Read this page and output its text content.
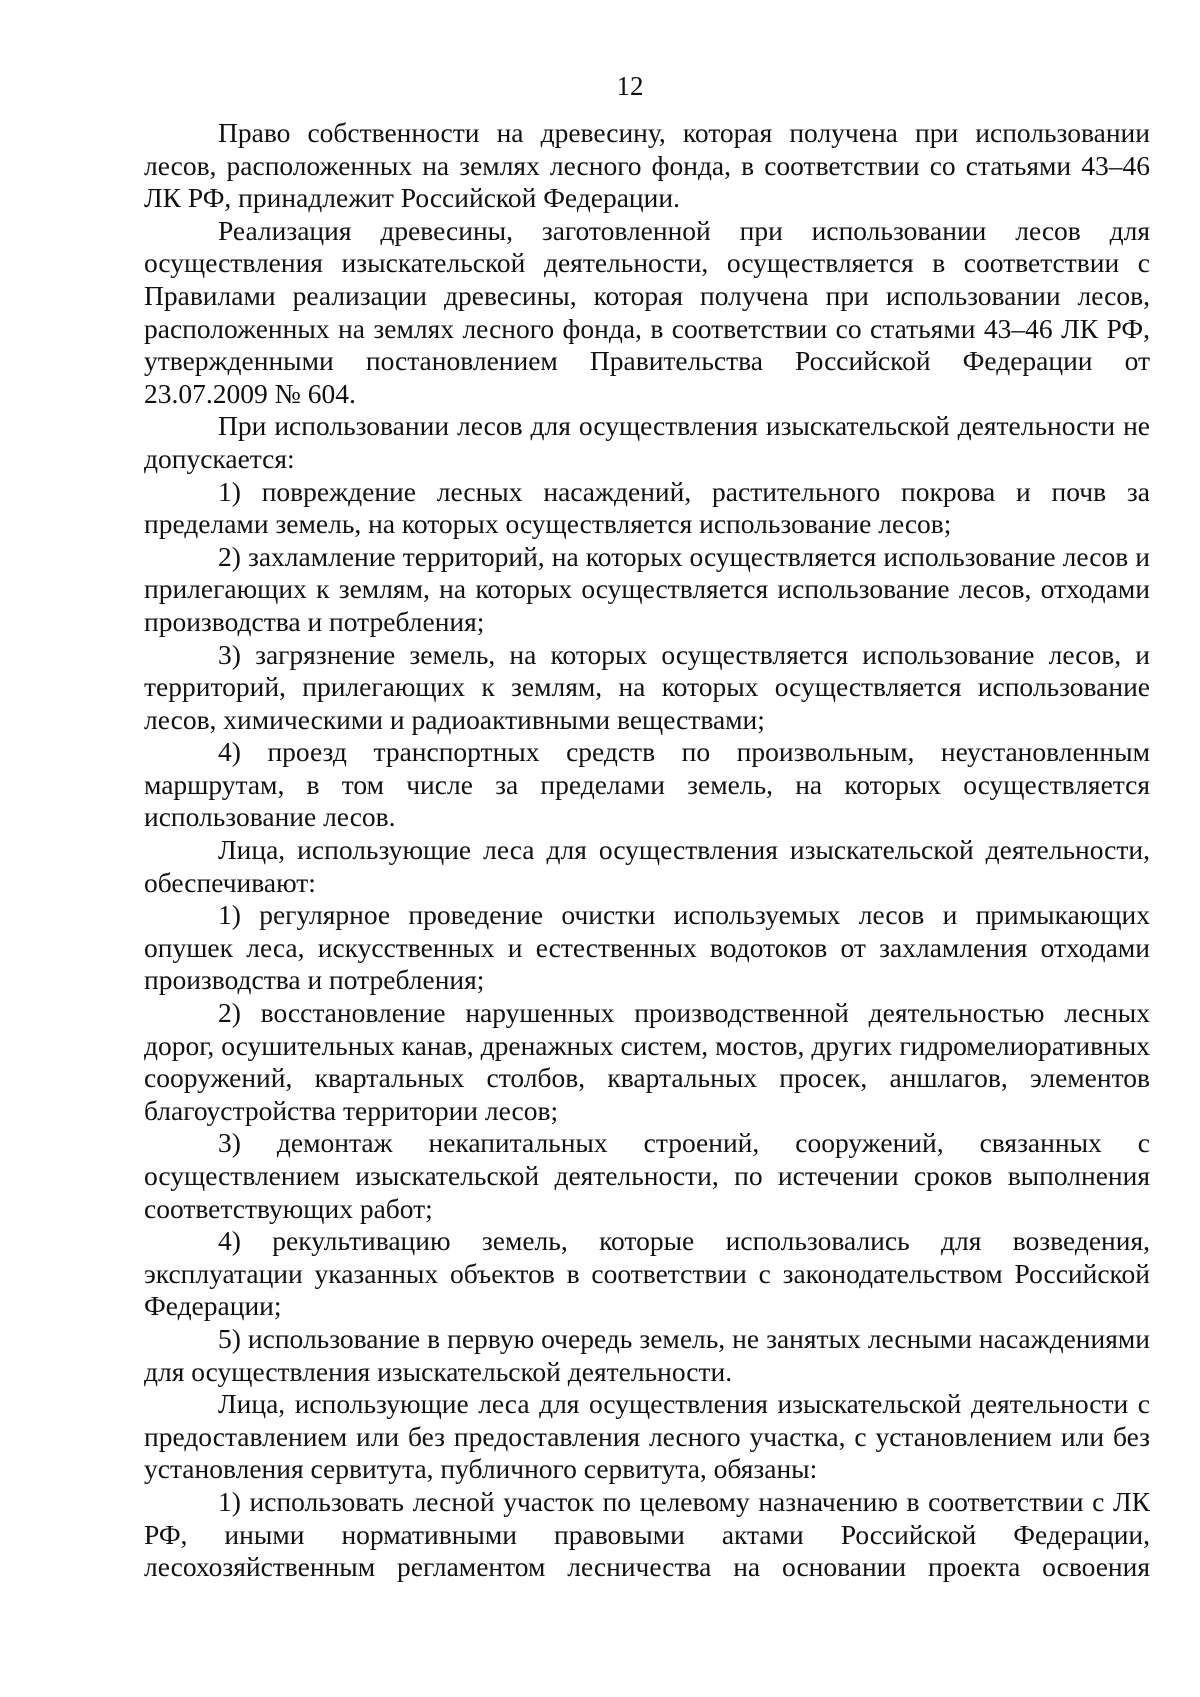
12

Право собственности на древесину, которая получена при использовании лесов, расположенных на землях лесного фонда, в соответствии со статьями 43–46 ЛК РФ, принадлежит Российской Федерации.

Реализация древесины, заготовленной при использовании лесов для осуществления изыскательской деятельности, осуществляется в соответствии с Правилами реализации древесины, которая получена при использовании лесов, расположенных на землях лесного фонда, в соответствии со статьями 43–46 ЛК РФ, утвержденными постановлением Правительства Российской Федерации от 23.07.2009 № 604.

При использовании лесов для осуществления изыскательской деятельности не допускается:

1) повреждение лесных насаждений, растительного покрова и почв за пределами земель, на которых осуществляется использование лесов;

2) захламление территорий, на которых осуществляется использование лесов и прилегающих к землям, на которых осуществляется использование лесов, отходами производства и потребления;

3) загрязнение земель, на которых осуществляется использование лесов, и территорий, прилегающих к землям, на которых осуществляется использование лесов, химическими и радиоактивными веществами;

4) проезд транспортных средств по произвольным, неустановленным маршрутам, в том числе за пределами земель, на которых осуществляется использование лесов.

Лица, использующие леса для осуществления изыскательской деятельности, обеспечивают:

1) регулярное проведение очистки используемых лесов и примыкающих опушек леса, искусственных и естественных водотоков от захламления отходами производства и потребления;

2) восстановление нарушенных производственной деятельностью лесных дорог, осушительных канав, дренажных систем, мостов, других гидромелиоративных сооружений, квартальных столбов, квартальных просек, аншлагов, элементов благоустройства территории лесов;

3) демонтаж некапитальных строений, сооружений, связанных с осуществлением изыскательской деятельности, по истечении сроков выполнения соответствующих работ;

4) рекультивацию земель, которые использовались для возведения, эксплуатации указанных объектов в соответствии с законодательством Российской Федерации;

5) использование в первую очередь земель, не занятых лесными насаждениями для осуществления изыскательской деятельности.

Лица, использующие леса для осуществления изыскательской деятельности с предоставлением или без предоставления лесного участка, с установлением или без установления сервитута, публичного сервитута, обязаны:

1) использовать лесной участок по целевому назначению в соответствии с ЛК РФ, иными нормативными правовыми актами Российской Федерации, лесохозяйственным регламентом лесничества на основании проекта освоения
